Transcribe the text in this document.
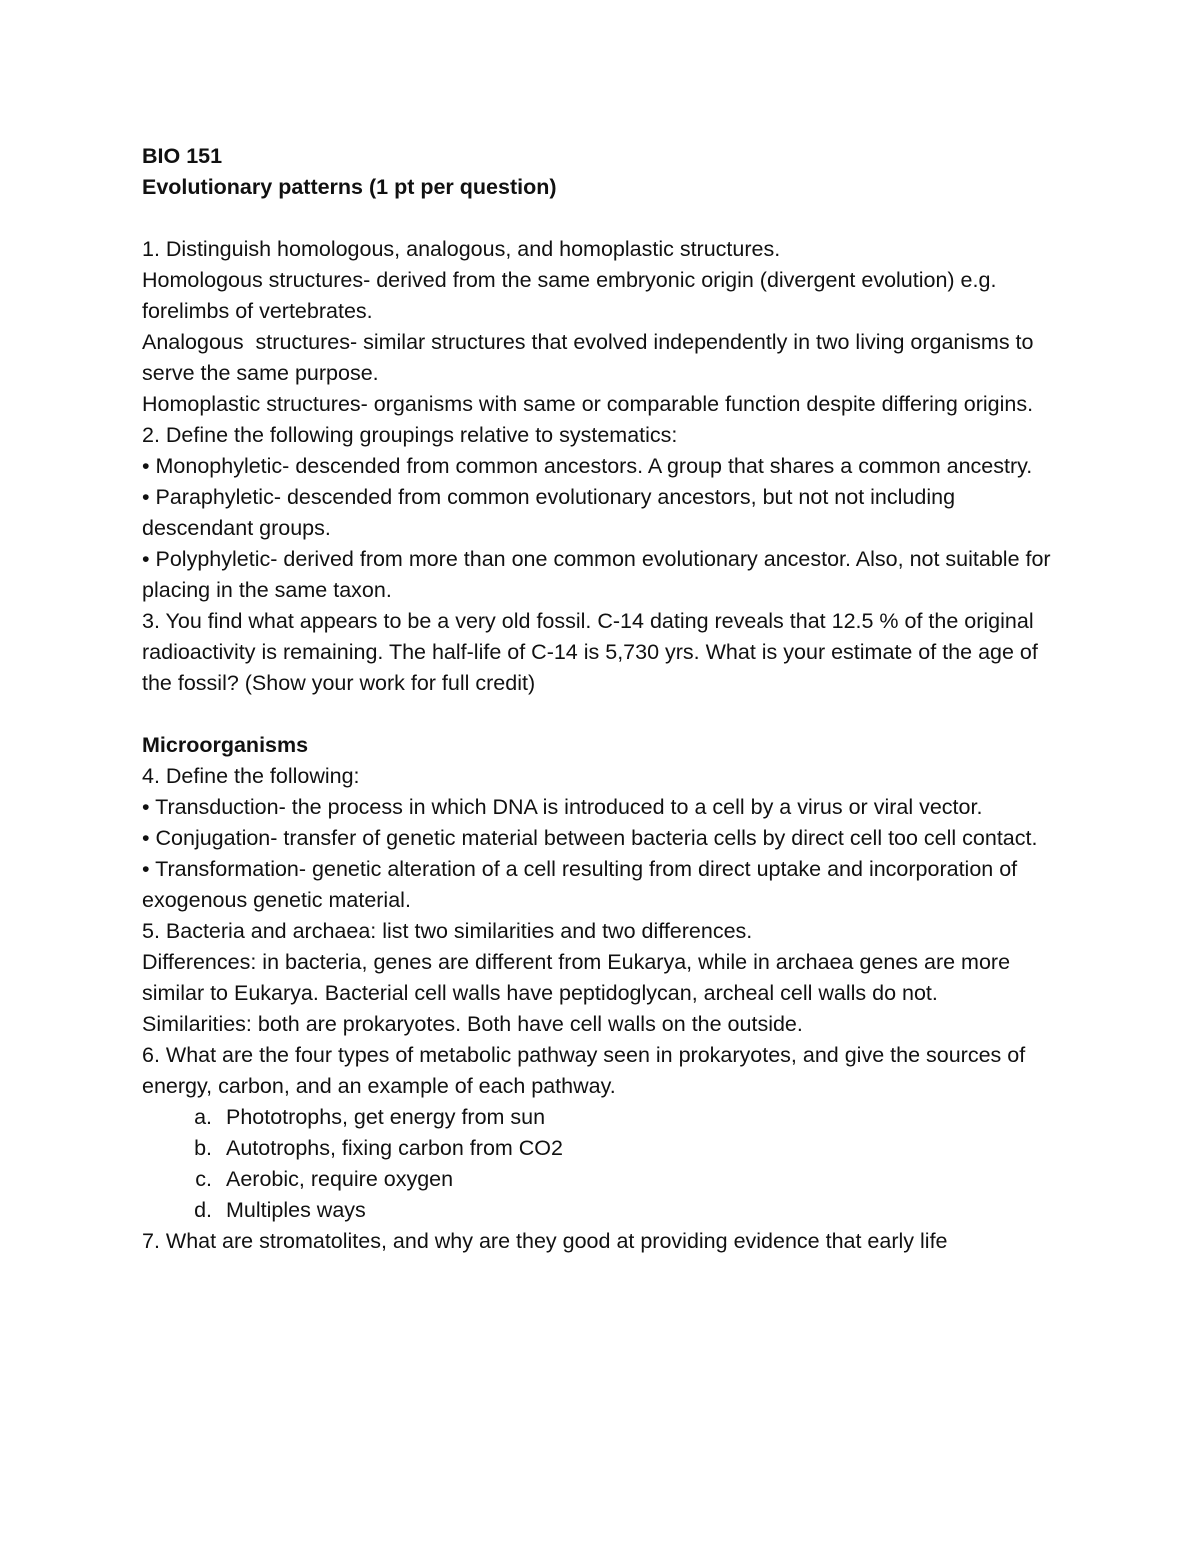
BIO 151

Evolutionary patterns (1 pt per question)

1. Distinguish homologous, analogous, and homoplastic structures.

Homologous structures- derived from the same embryonic origin (divergent evolution) e.g. forelimbs of vertebrates.

Analogous  structures- similar structures that evolved independently in two living organisms to serve the same purpose.

Homoplastic structures- organisms with same or comparable function despite differing origins.

2. Define the following groupings relative to systematics:

• Monophyletic- descended from common ancestors. A group that shares a common ancestry.

• Paraphyletic- descended from common evolutionary ancestors, but not not including descendant groups.

• Polyphyletic- derived from more than one common evolutionary ancestor. Also, not suitable for placing in the same taxon.

3. You find what appears to be a very old fossil. C-14 dating reveals that 12.5 % of the original radioactivity is remaining. The half-life of C-14 is 5,730 yrs. What is your estimate of the age of the fossil? (Show your work for full credit)

Microorganisms

4. Define the following:

• Transduction- the process in which DNA is introduced to a cell by a virus or viral vector.

• Conjugation- transfer of genetic material between bacteria cells by direct cell too cell contact.

• Transformation- genetic alteration of a cell resulting from direct uptake and incorporation of exogenous genetic material.

5. Bacteria and archaea: list two similarities and two differences.

Differences: in bacteria, genes are different from Eukarya, while in archaea genes are more similar to Eukarya. Bacterial cell walls have peptidoglycan, archeal cell walls do not.

Similarities: both are prokaryotes. Both have cell walls on the outside.

6. What are the four types of metabolic pathway seen in prokaryotes, and give the sources of energy, carbon, and an example of each pathway.

a. Phototrophs, get energy from sun
b. Autotrophs, fixing carbon from CO2
c. Aerobic, require oxygen
d. Multiples ways

7. What are stromatolites, and why are they good at providing evidence that early life
